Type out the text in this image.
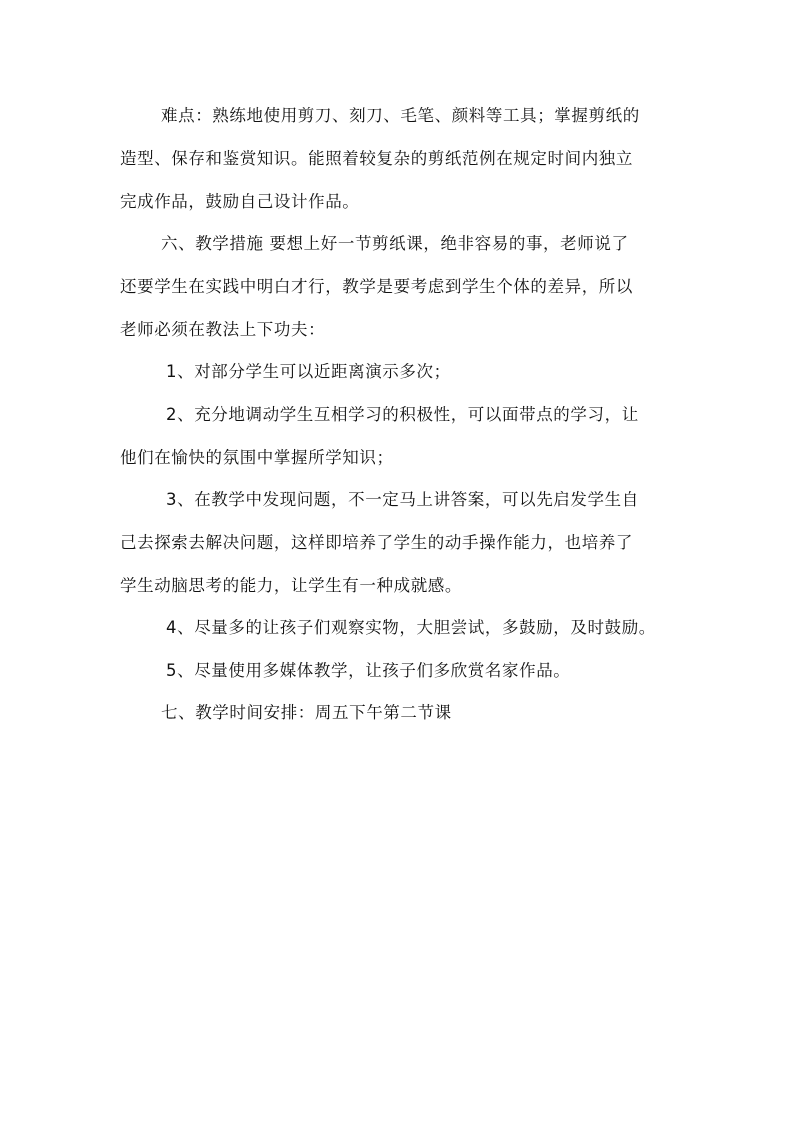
难点：熟练地使用剪刀、刻刀、毛笔、颜料等工具；掌握剪纸的
造型、保存和鉴赏知识。能照着较复杂的剪纸范例在规定时间内独立
完成作品，鼓励自己设计作品。
六、教学措施 要想上好一节剪纸课，绝非容易的事，老师说了
还要学生在实践中明白才行，教学是要考虑到学生个体的差异，所以
老师必须在教法上下功夫：
1、对部分学生可以近距离演示多次；
2、充分地调动学生互相学习的积极性，可以面带点的学习，让
他们在愉快的氛围中掌握所学知识；
3、在教学中发现问题，不一定马上讲答案，可以先启发学生自
己去探索去解决问题，这样即培养了学生的动手操作能力，也培养了
学生动脑思考的能力，让学生有一种成就感。
4、尽量多的让孩子们观察实物，大胆尝试，多鼓励，及时鼓励。
5、尽量使用多媒体教学，让孩子们多欣赏名家作品。
七、教学时间安排：周五下午第二节课
